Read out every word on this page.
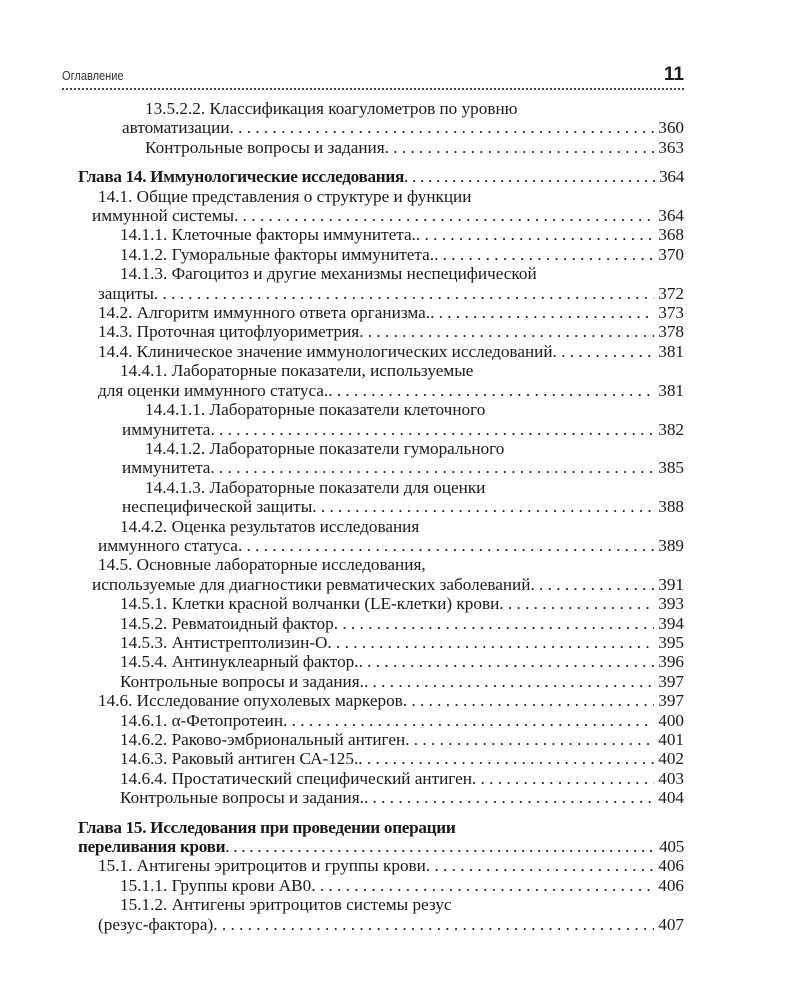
Оглавление	11
13.5.2.2. Классификация коагулометров по уровню
автоматизации . . .	360
Контрольные вопросы и задания . . .	363
Глава 14. Иммунологические исследования . . .	364
14.1. Общие представления о структуре и функции
иммунной системы . . .	364
14.1.1. Клеточные факторы иммунитета. . . .	368
14.1.2. Гуморальные факторы иммунитета. . . .	370
14.1.3. Фагоцитоз и другие механизмы неспецифической
защиты . . .	372
14.2. Алгоритм иммунного ответа организма. . . .	373
14.3. Проточная цитофлуориметрия . . .	378
14.4. Клиническое значение иммунологических исследований . . .	381
14.4.1. Лабораторные показатели, используемые
для оценки иммунного статуса. . . .	381
14.4.1.1. Лабораторные показатели клеточного
иммунитета . . .	382
14.4.1.2. Лабораторные показатели гуморального
иммунитета . . .	385
14.4.1.3. Лабораторные показатели для оценки
неспецифической защиты . . .	388
14.4.2. Оценка результатов исследования
иммунного статуса . . .	389
14.5. Основные лабораторные исследования,
используемые для диагностики ревматических заболеваний . . .	391
14.5.1. Клетки красной волчанки (LE-клетки) крови . . .	393
14.5.2. Ревматоидный фактор . . .	394
14.5.3. Антистрептолизин-О . . .	395
14.5.4. Антинуклеарный фактор. . . .	396
Контрольные вопросы и задания. . . .	397
14.6. Исследование опухолевых маркеров . . .	397
14.6.1. α-Фетопротеин . . .	400
14.6.2. Раково-эмбриональный антиген . . .	401
14.6.3. Раковый антиген СА-125. . . .	402
14.6.4. Простатический специфический антиген . . .	403
Контрольные вопросы и задания. . . .	404
Глава 15. Исследования при проведении операции
переливания крови . . .	405
15.1. Антигены эритроцитов и группы крови . . .	406
15.1.1. Группы крови АВ0 . . .	406
15.1.2. Антигены эритроцитов системы резус
(резус-фактора) . . .	407
